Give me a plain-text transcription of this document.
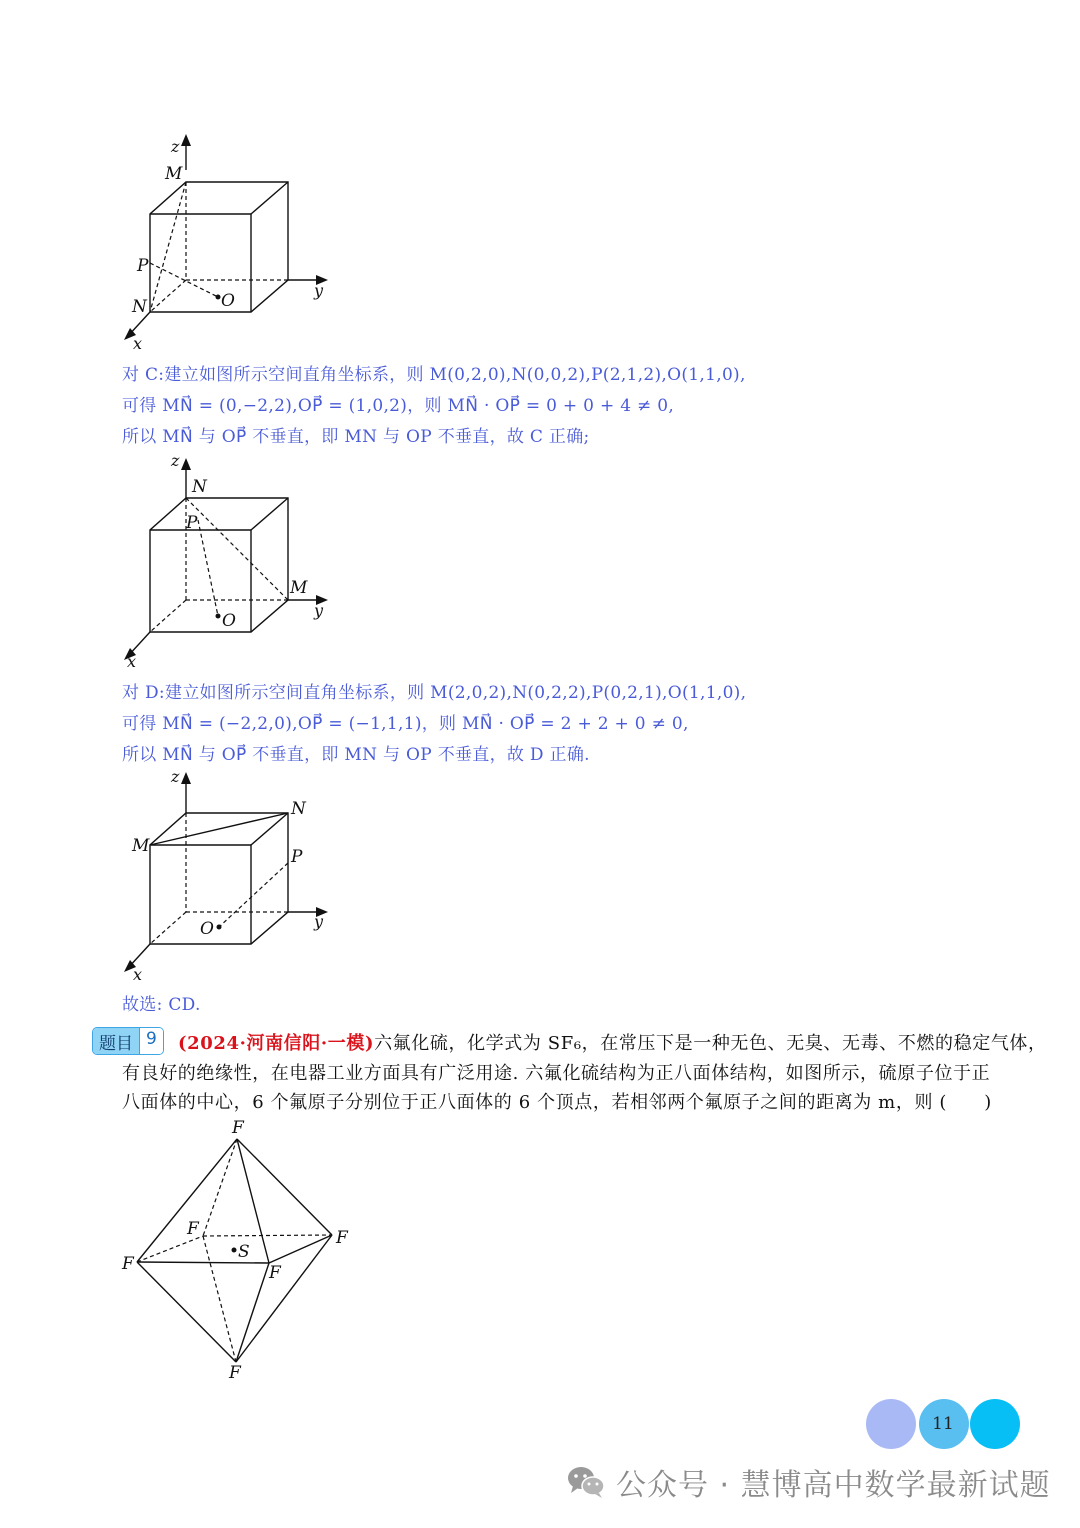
z
y
x
M
P
N	O
对 C:建立如图所示空间直角坐标系，则 M(0,2,0),N(0,0,2),P(2,1,2),O(1,1,0),
可得 MN⃗ = (0,−2,2),OP⃗ = (1,0,2)，则 MN⃗ · OP⃗ = 0 + 0 + 4 ≠ 0,
所以 MN⃗ 与 OP⃗ 不垂直，即 MN 与 OP 不垂直，故 C 正确;
z
y
x
N
P
M
O
对 D:建立如图所示空间直角坐标系，则 M(2,0,2),N(0,2,2),P(0,2,1),O(1,1,0),
可得 MN⃗ = (−2,2,0),OP⃗ = (−1,1,1)，则 MN⃗ · OP⃗ = 2 + 2 + 0 ≠ 0,
所以 MN⃗ 与 OP⃗ 不垂直，即 MN 与 OP 不垂直，故 D 正确.
z
y
x
M
N
P
O
故选: CD.
题目 9	(2024·河南信阳·一模)六氟化硫，化学式为 SF₆，在常压下是一种无色、无臭、无毒、不燃的稳定气体，
有良好的绝缘性，在电器工业方面具有广泛用途. 六氟化硫结构为正八面体结构，如图所示，硫原子位于正
八面体的中心，6 个氟原子分别位于正八面体的 6 个顶点，若相邻两个氟原子之间的距离为 m，则 (　　)
F
F
F
F
F
F
S
11
公众号 · 慧博高中数学最新试题
